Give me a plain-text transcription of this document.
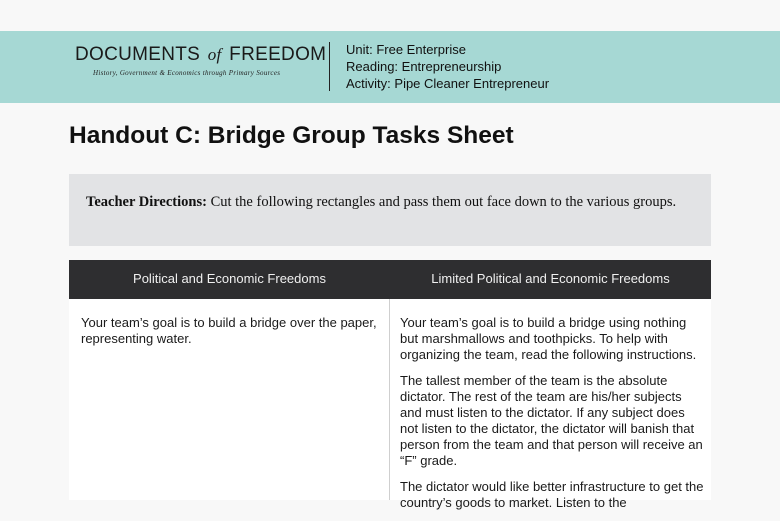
DOCUMENTS of FREEDOM
History, Government & Economics through Primary Sources
Unit: Free Enterprise
Reading: Entrepreneurship
Activity: Pipe Cleaner Entrepreneur
Handout C: Bridge Group Tasks Sheet
Teacher Directions: Cut the following rectangles and pass them out face down to the various groups.
Political and Economic Freedoms	Limited Political and Economic Freedoms

Your team’s goal is to build a bridge over the paper, representing water.

Your team’s goal is to build a bridge using nothing but marshmallows and toothpicks. To help with organizing the team, read the following instructions.

The tallest member of the team is the absolute dictator. The rest of the team are his/her subjects and must listen to the dictator. If any subject does not listen to the dictator, the dictator will banish that person from the team and that person will receive an “F” grade.

The dictator would like better infrastructure to get the country’s goods to market. Listen to the
